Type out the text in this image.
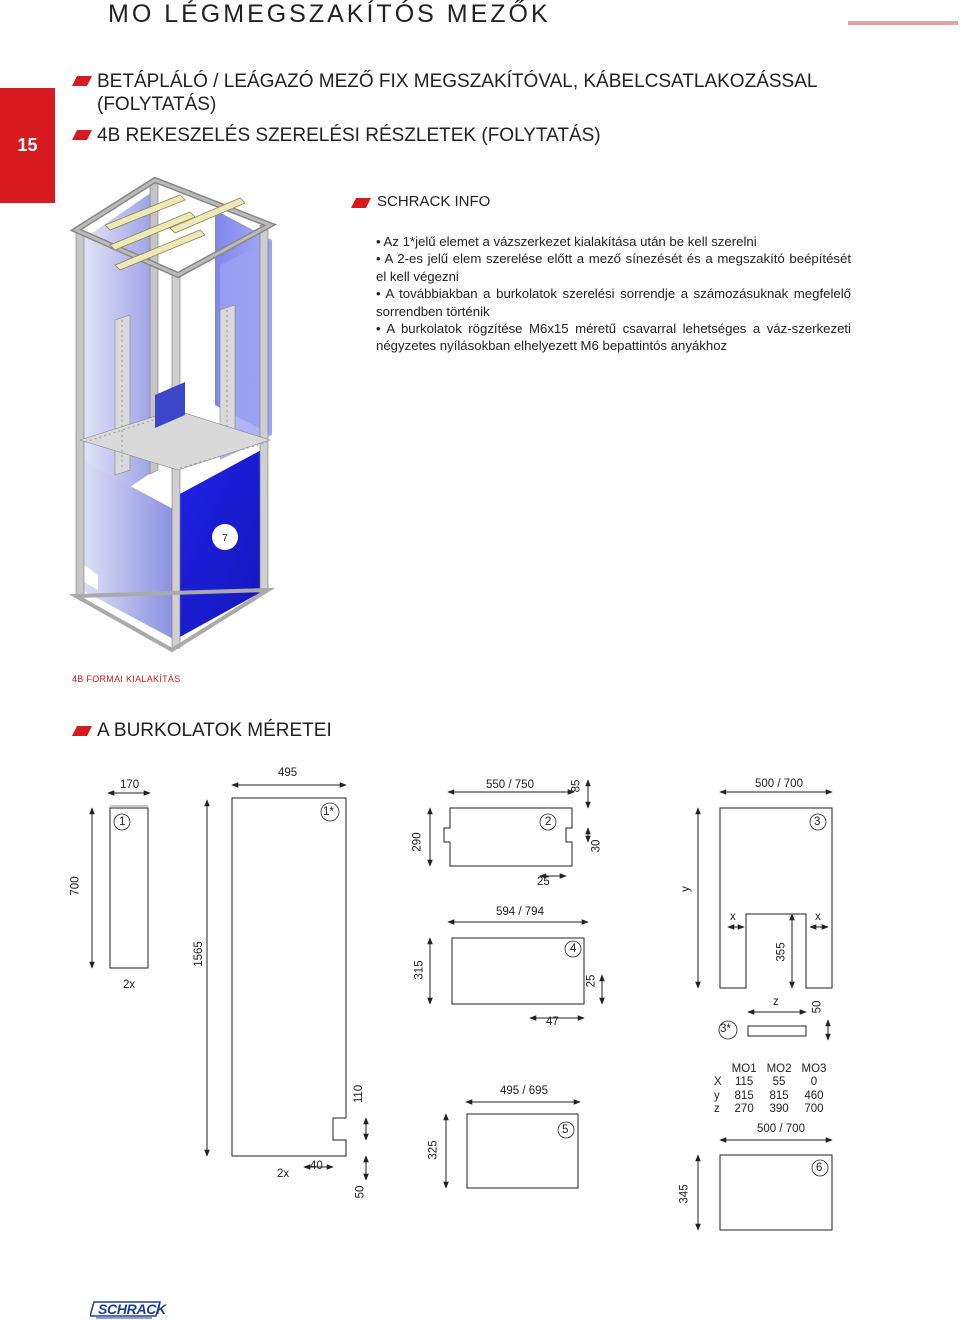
MO LÉGMEGSZAKÍTÓS MEZŐK
15
BETÁPLÁLÓ / LEÁGAZÓ MEZŐ FIX MEGSZAKÍTÓVAL, KÁBELCSATLAKOZÁSSAL
(FOLYTATÁS)
4B REKESZELÉS SZERELÉSI RÉSZLETEK (FOLYTATÁS)
SCHRACK INFO
• Az 1*jelű elemet a vázszerkezet kialakítása után be kell szerelni
• A 2-es jelű elem szerelése előtt a mező sínezését és a megszakító beépítését el kell végezni
• A továbbiakban a burkolatok szerelési sorrendje a számozásuknak megfelelő sorrendben történik
• A burkolatok rögzítése M6x15 méretű csavarral lehetséges a váz-szerkezeti négyzetes nyílásokban elhelyezett M6 bepattintós anyákhoz
7
4B FORMAI KIALAKÍTÁS
A BURKOLATOK MÉRETEI
170
700
1
2x
495
1565
1*
110
40
50
2x
550 / 750
290
2
85
30
25
594 / 794
315
4
25
47
495 / 695
325
5
500 / 700
y
3
x	x
355
z	50
3*
	MO1	MO2	MO3
X	115	55	0
y	815	815	460
z	270	390	700
500 / 700
345
6
SCHRACK
